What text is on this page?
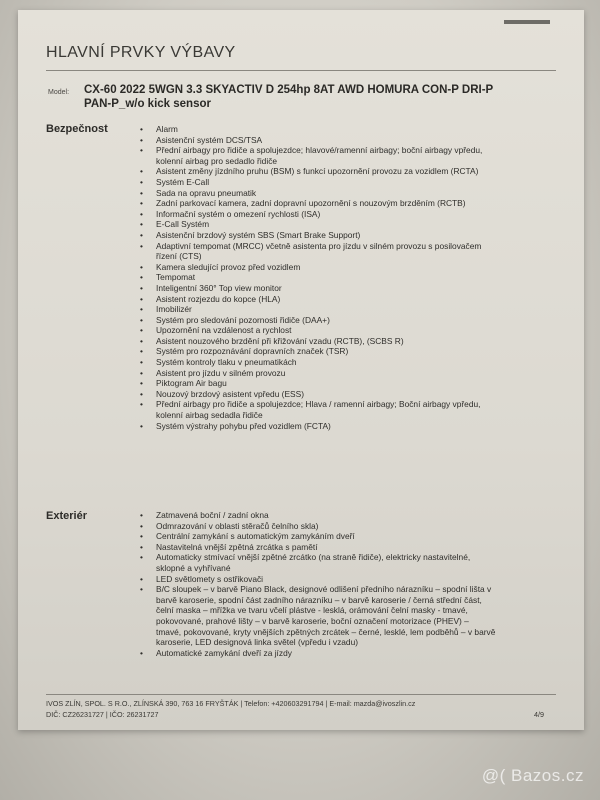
HLAVNÍ PRVKY VÝBAVY
Model: CX-60 2022 5WGN 3.3 SKYACTIV D 254hp 8AT AWD HOMURA CON-P DRI-P
PAN-P_w/o kick sensor
Bezpečnost	• Alarm
• Asistenční systém DCS/TSA
• Přední airbagy pro řidiče a spolujezdce; hlavové/ramenní airbagy; boční airbagy vpředu,
kolenní airbag pro sedadlo řidiče
• Asistent změny jízdního pruhu (BSM) s funkcí upozornění provozu za vozidlem (RCTA)
• Systém E-Call
• Sada na opravu pneumatik
• Zadní parkovací kamera, zadní dopravní upozornění s nouzovým brzděním (RCTB)
• Informační systém o omezení rychlosti (ISA)
• E-Call Systém
• Asistenční brzdový systém SBS (Smart Brake Support)
• Adaptivní tempomat (MRCC) včetně asistenta pro jízdu v silném provozu s posilovačem
řízení (CTS)
• Kamera sledující provoz před vozidlem
• Tempomat
• Inteligentní 360° Top view monitor
• Asistent rozjezdu do kopce (HLA)
• Imobilizér
• Systém pro sledování pozornosti řidiče (DAA+)
• Upozornění na vzdálenost a rychlost
• Asistent nouzového brzdění při křižování vzadu (RCTB), (SCBS R)
• Systém pro rozpoznávání dopravních značek (TSR)
• Systém kontroly tlaku v pneumatikách
• Asistent pro jízdu v silném provozu
• Piktogram Air bagu
• Nouzový brzdový asistent vpředu (ESS)
• Přední airbagy pro řidiče a spolujezdce; Hlava / ramenní airbagy; Boční airbagy vpředu,
kolenní airbag sedadla řidiče
• Systém výstrahy pohybu před vozidlem (FCTA)
Exteriér	• Zatmavená boční / zadní okna
• Odmrazování v oblasti stěračů čelního skla)
• Centrální zamykání s automatickým zamykáním dveří
• Nastavitelná vnější zpětná zrcátka s pamětí
• Automaticky stmívací vnější zpětné zrcátko (na straně řidiče), elektricky nastavitelné,
sklopné a vyhřívané
• LED světlomety s ostřikovači
• B/C sloupek – v barvě Piano Black, designové odlišení předního nárazníku – spodní lišta v
barvě karoserie, spodní část zadního nárazníku – v barvě karoserie / černá střední část,
čelní maska – mřížka ve tvaru včelí plástve - lesklá, orámování čelní masky - tmavé,
pokovované, prahové lišty – v barvě karoserie, boční označení motorizace (PHEV) –
tmavé, pokovované, kryty vnějších zpětných zrcátek – černé, lesklé, lem podběhů – v barvě
karoserie, LED designová linka světel (vpředu i vzadu)
• Automatické zamykání dveří za jízdy
IVOS ZLÍN, SPOL. S R.O., ZLÍNSKÁ 390, 763 16 FRYŠTÁK | Telefon: +420603291794 | E-mail: mazda@ivoszlin.cz
DIČ: CZ26231727 | IČO: 26231727	4/9
@( Bazos.cz
